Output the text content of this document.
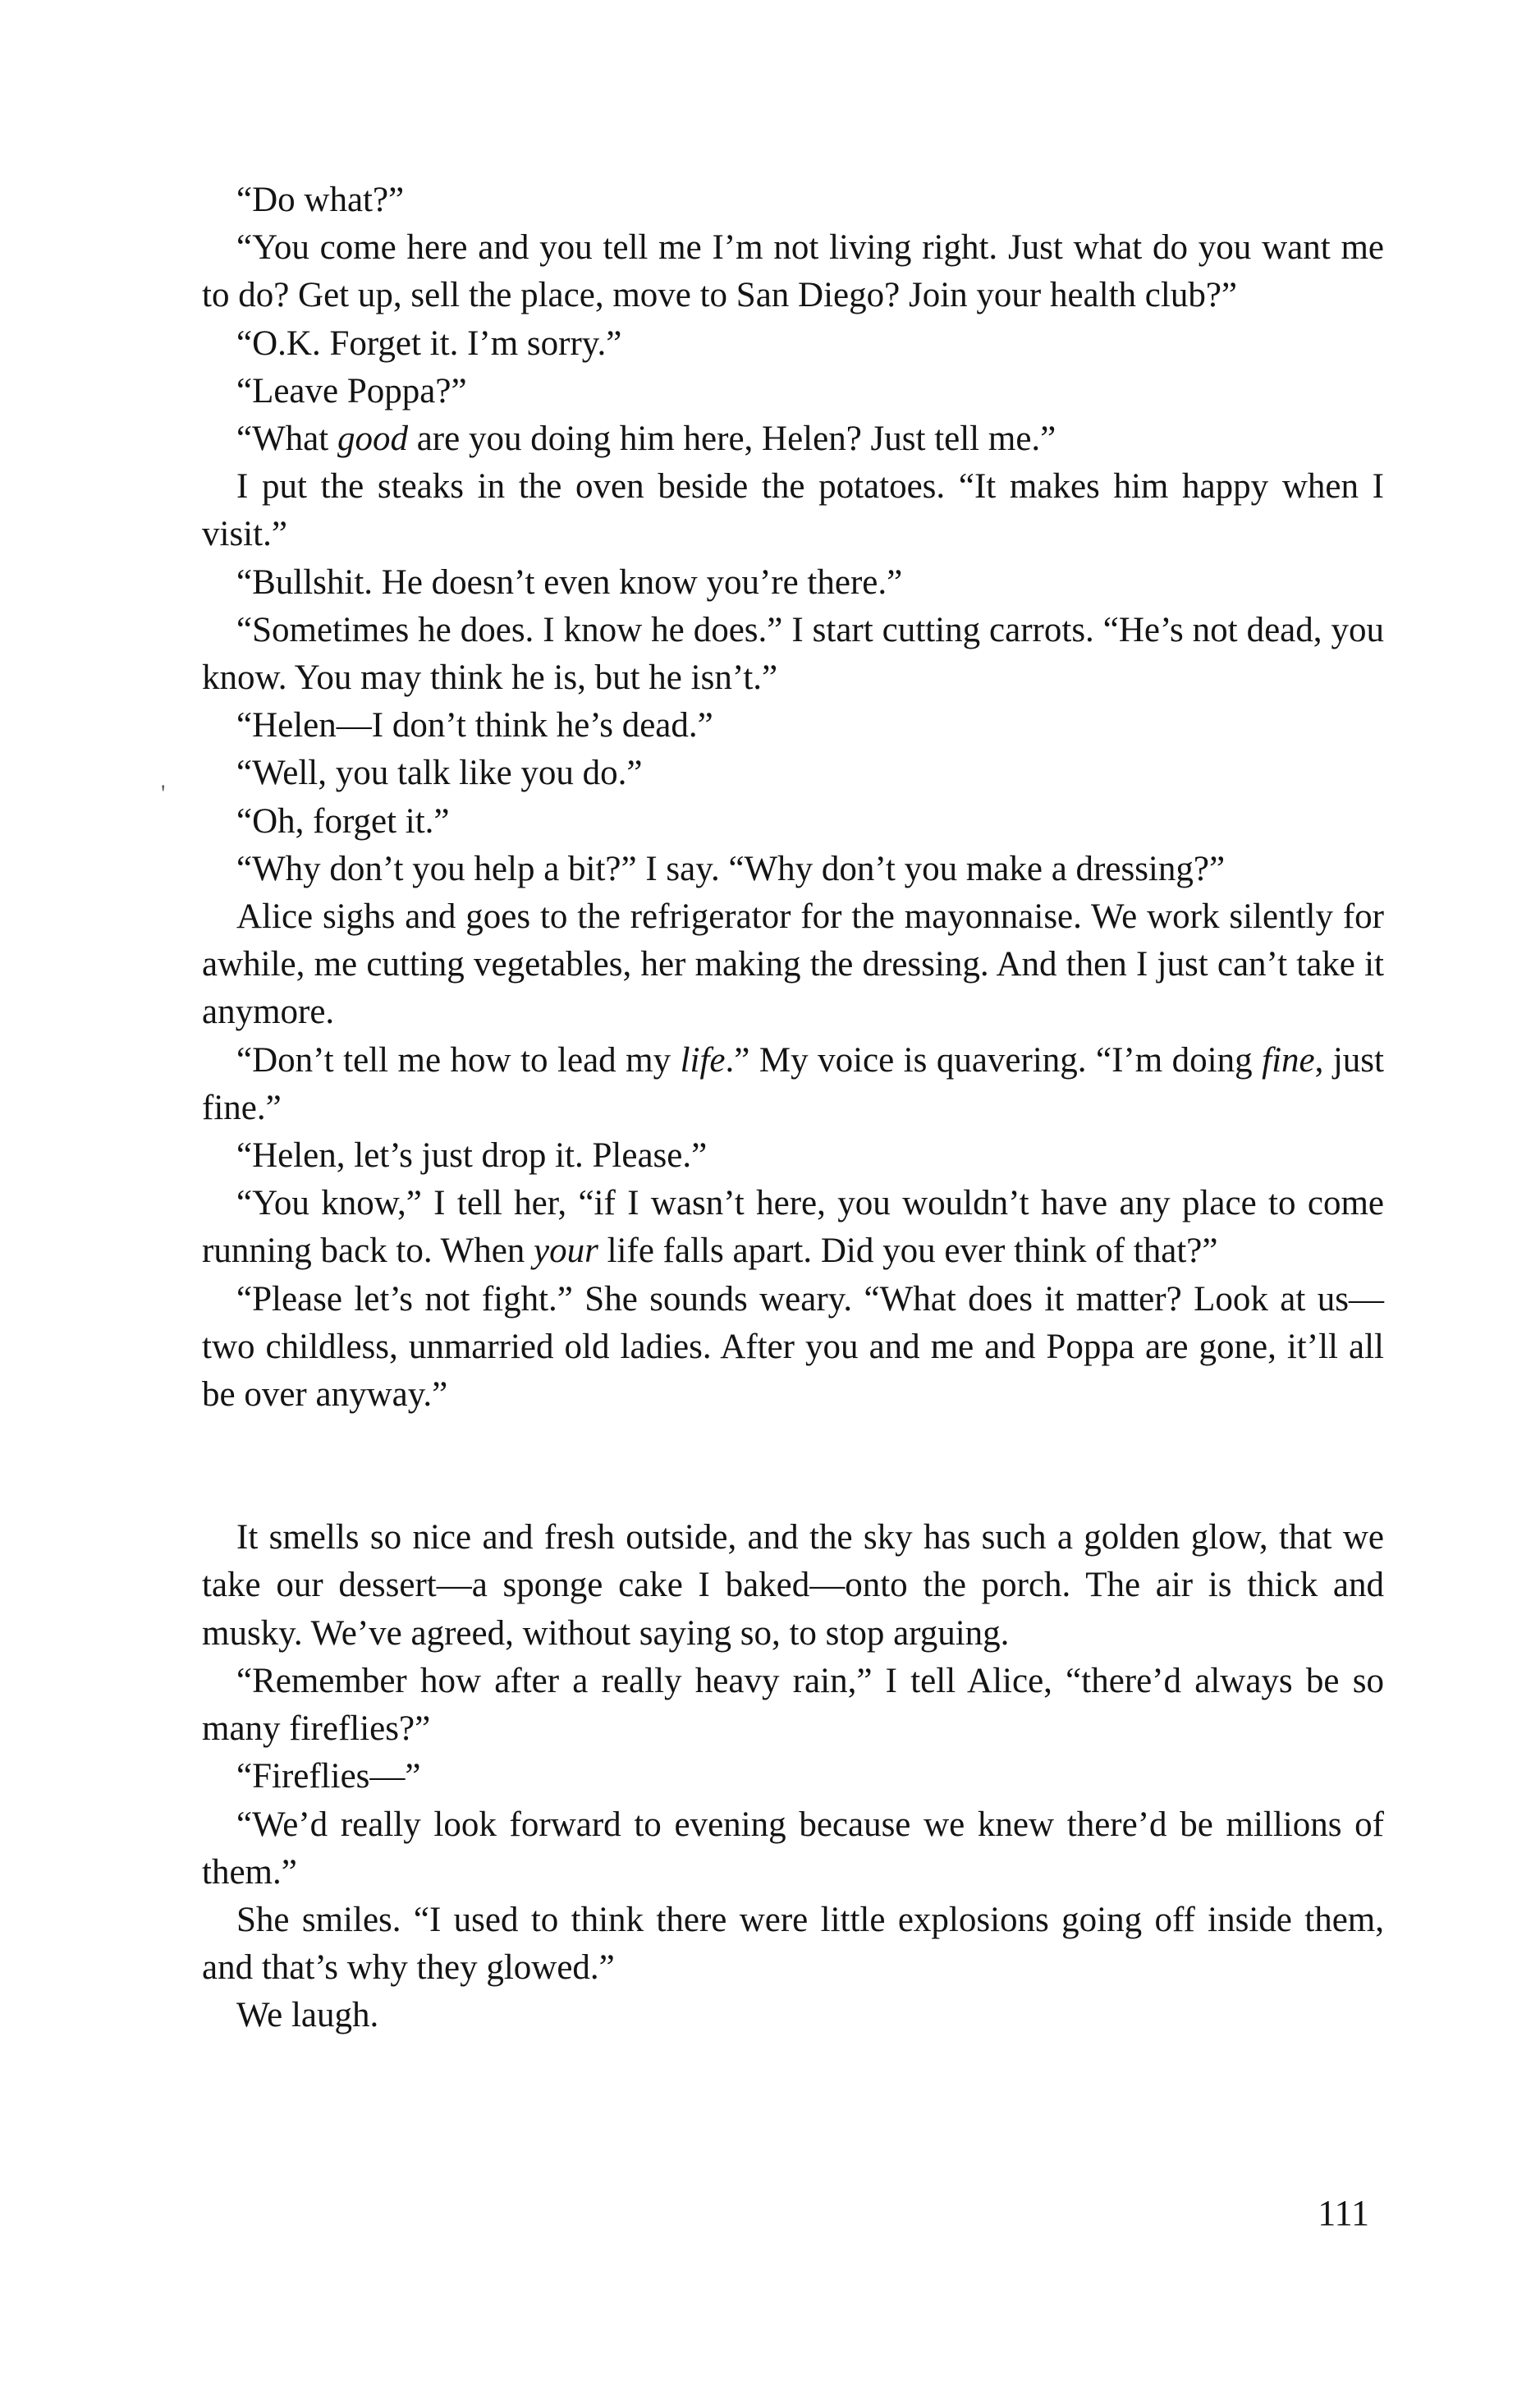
“Do what?”

“You come here and you tell me I’m not living right. Just what do you want me to do? Get up, sell the place, move to San Diego? Join your health club?”

“O.K. Forget it. I’m sorry.”

“Leave Poppa?”

“What good are you doing him here, Helen? Just tell me.”

I put the steaks in the oven beside the potatoes. “It makes him happy when I visit.”

“Bullshit. He doesn’t even know you’re there.”

“Sometimes he does. I know he does.” I start cutting carrots. “He’s not dead, you know. You may think he is, but he isn’t.”

“Helen—I don’t think he’s dead.”

“Well, you talk like you do.”

“Oh, forget it.”

“Why don’t you help a bit?” I say. “Why don’t you make a dressing?”

Alice sighs and goes to the refrigerator for the mayonnaise. We work silently for awhile, me cutting vegetables, her making the dressing. And then I just can’t take it anymore.

“Don’t tell me how to lead my life.” My voice is quavering. “I’m doing fine, just fine.”

“Helen, let’s just drop it. Please.”

“You know,” I tell her, “if I wasn’t here, you wouldn’t have any place to come running back to. When your life falls apart. Did you ever think of that?”

“Please let’s not fight.” She sounds weary. “What does it matter? Look at us—two childless, unmarried old ladies. After you and me and Poppa are gone, it’ll all be over anyway.”

It smells so nice and fresh outside, and the sky has such a golden glow, that we take our dessert—a sponge cake I baked—onto the porch. The air is thick and musky. We’ve agreed, without saying so, to stop arguing.

“Remember how after a really heavy rain,” I tell Alice, “there’d always be so many fireflies?”

“Fireflies—”

“We’d really look forward to evening because we knew there’d be millions of them.”

She smiles. “I used to think there were little explosions going off inside them, and that’s why they glowed.”

We laugh.

'
111
